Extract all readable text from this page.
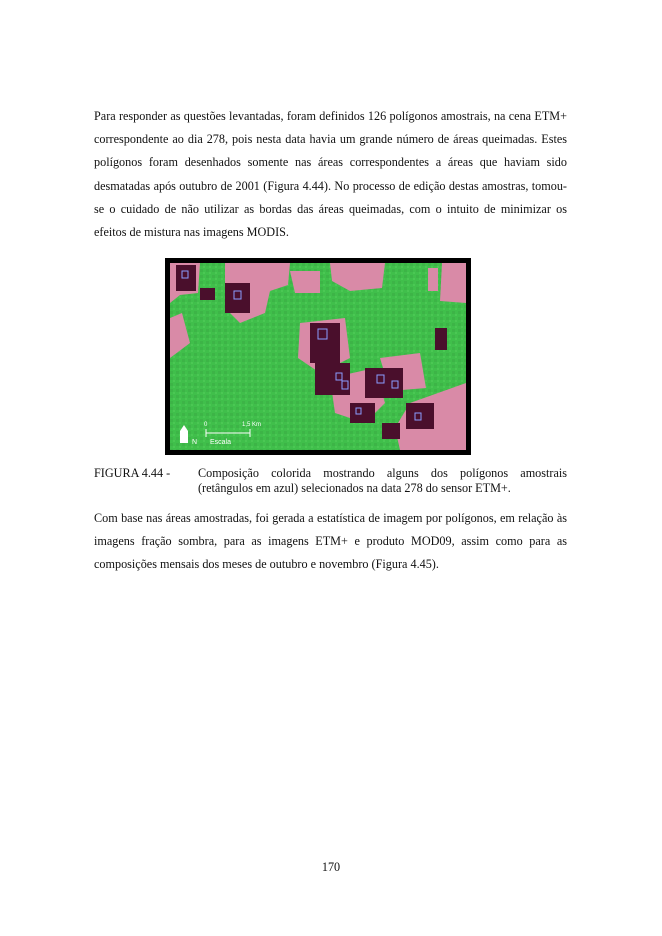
Para responder as questões levantadas, foram definidos 126 polígonos amostrais, na cena ETM+ correspondente ao dia 278, pois nesta data havia um grande número de áreas queimadas. Estes polígonos foram desenhados somente nas áreas correspondentes a áreas que haviam sido desmatadas após outubro de 2001 (Figura 4.44). No processo de edição destas amostras, tomou-se o cuidado de não utilizar as bordas das áreas queimadas, com o intuito de minimizar os efeitos de mistura nas imagens MODIS.

N
0	1,5 Km
Escala
FIGURA 4.44 - Composição colorida mostrando alguns dos polígonos amostrais (retângulos em azul) selecionados na data 278 do sensor ETM+.

Com base nas áreas amostradas, foi gerada a estatística de imagem por polígonos, em relação às imagens fração sombra, para as imagens ETM+ e produto MOD09, assim como para as composições mensais dos meses de outubro e novembro (Figura 4.45).

170
